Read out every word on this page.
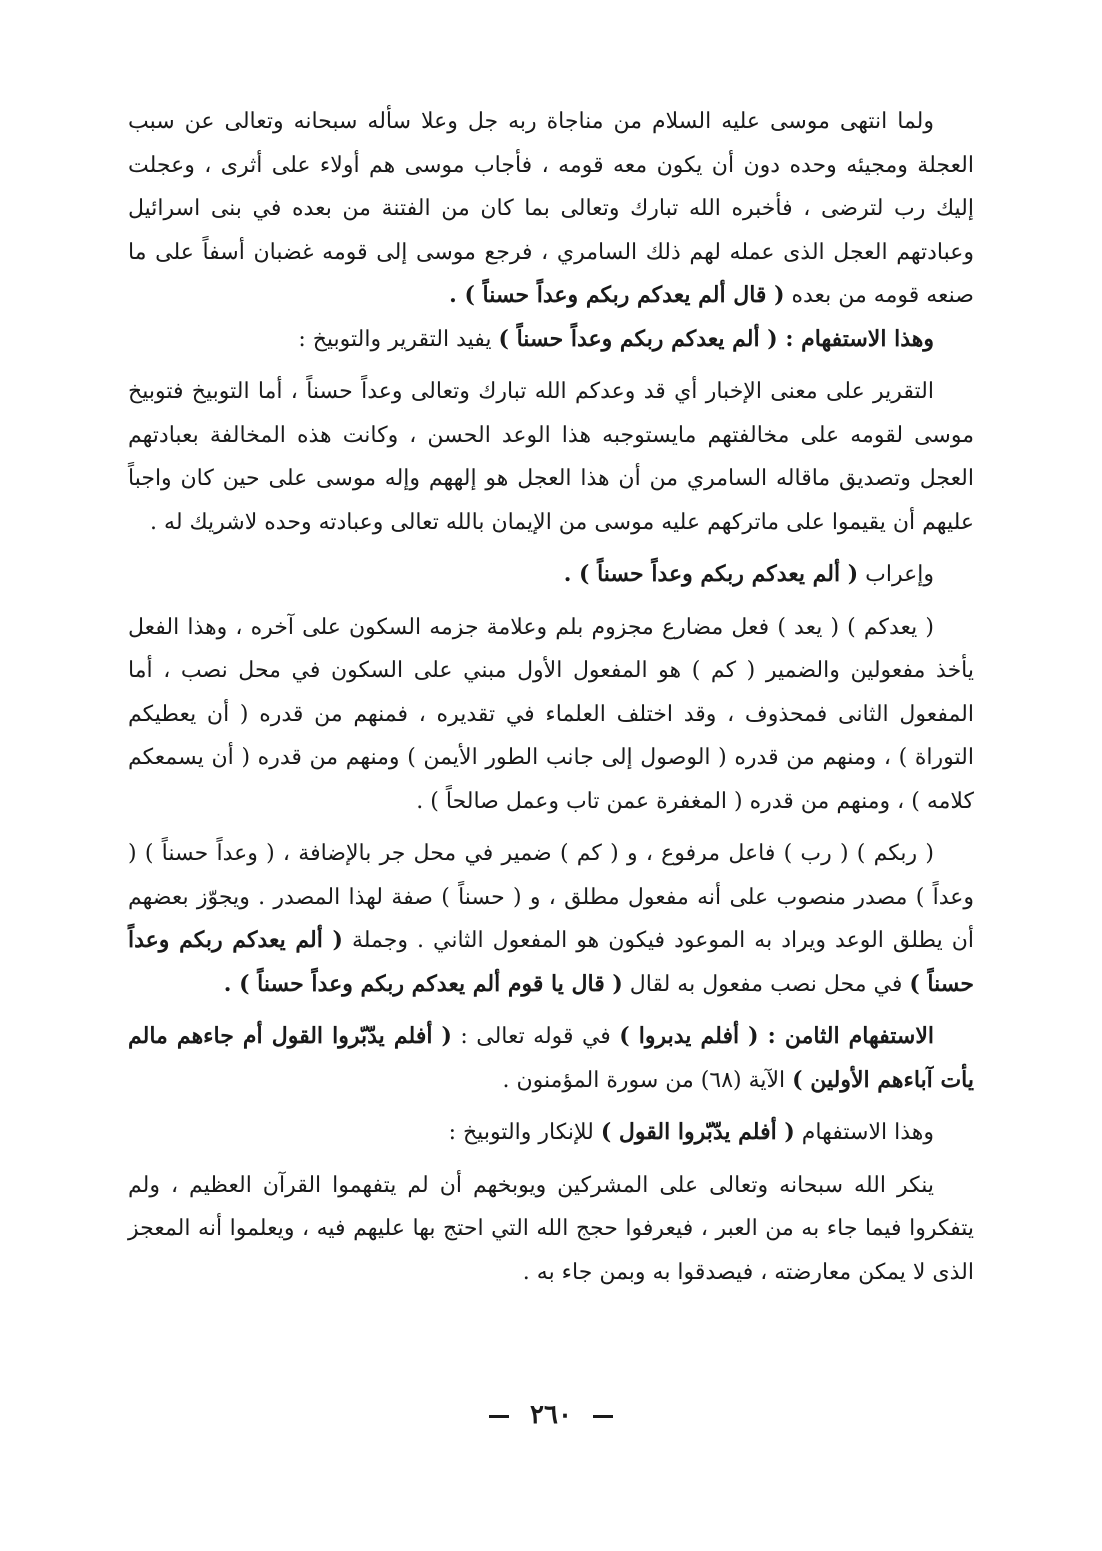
ولما انتهى موسى عليه السلام من مناجاة ربه جل وعلا سأله سبحانه وتعالى عن سبب العجلة ومجيئه وحده دون أن يكون معه قومه ، فأجاب موسى هم أولاء على أثرى ، وعجلت إليك رب لترضى ، فأخبره الله تبارك وتعالى بما كان من الفتنة من بعده في بنى اسرائيل وعبادتهم العجل الذى عمله لهم ذلك السامري ، فرجع موسى إلى قومه غضبان أسفاً على ما صنعه قومه من بعده ( قال ألم يعدكم ربكم وعداً حسناً ) .

وهذا الاستفهام : ( ألم يعدكم ربكم وعداً حسناً ) يفيد التقرير والتوبيخ :

التقرير على معنى الإخبار أي قد وعدكم الله تبارك وتعالى وعداً حسناً ، أما التوبيخ فتوبيخ موسى لقومه على مخالفتهم مايستوجبه هذا الوعد الحسن ، وكانت هذه المخالفة بعبادتهم العجل وتصديق ماقاله السامري من أن هذا العجل هو إلههم وإله موسى على حين كان واجباً عليهم أن يقيموا على ماتركهم عليه موسى من الإيمان بالله تعالى وعبادته وحده لاشريك له .

وإعراب ( ألم يعدكم ربكم وعداً حسناً ) .

( يعدكم ) ( يعد ) فعل مضارع مجزوم بلم وعلامة جزمه السكون على آخره ، وهذا الفعل يأخذ مفعولين والضمير ( كم ) هو المفعول الأول مبني على السكون في محل نصب ، أما المفعول الثانى فمحذوف ، وقد اختلف العلماء في تقديره ، فمنهم من قدره ( أن يعطيكم التوراة ) ، ومنهم من قدره ( الوصول إلى جانب الطور الأيمن ) ومنهم من قدره ( أن يسمعكم كلامه ) ، ومنهم من قدره ( المغفرة عمن تاب وعمل صالحاً ) .

( ربكم ) ( رب ) فاعل مرفوع ، و ( كم ) ضمير في محل جر بالإضافة ، ( وعداً حسناً ) ( وعداً ) مصدر منصوب على أنه مفعول مطلق ، و ( حسناً ) صفة لهذا المصدر . ويجوّز بعضهم أن يطلق الوعد ويراد به الموعود فيكون هو المفعول الثاني . وجملة ( ألم يعدكم ربكم وعداً حسناً ) في محل نصب مفعول به لقال ( قال يا قوم ألم يعدكم ربكم وعداً حسناً ) .

الاستفهام الثامن : ( أفلم يدبروا ) في قوله تعالى : ( أفلم يدّبّروا القول أم جاءهم مالم يأت آباءهم الأولين ) الآية (٦٨) من سورة المؤمنون .

وهذا الاستفهام ( أفلم يدّبّروا القول ) للإنكار والتوبيخ :

ينكر الله سبحانه وتعالى على المشركين ويوبخهم أن لم يتفهموا القرآن العظيم ، ولم يتفكروا فيما جاء به من العبر ، فيعرفوا حجج الله التي احتج بها عليهم فيه ، ويعلموا أنه المعجز الذى لا يمكن معارضته ، فيصدقوا به وبمن جاء به .

٢٦٠
